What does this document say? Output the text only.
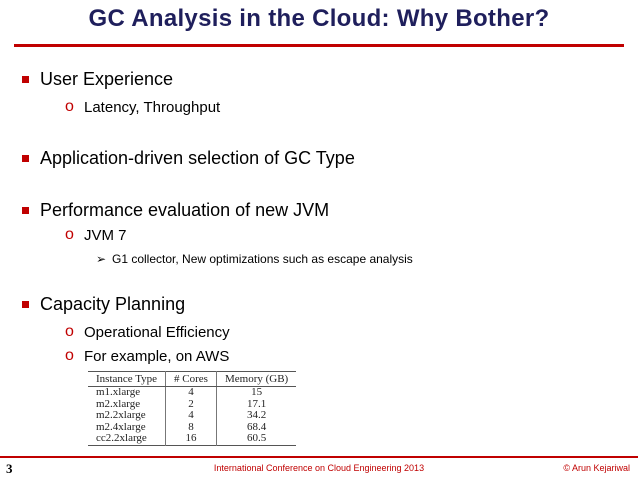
GC Analysis in the Cloud: Why Bother?
User Experience
o Latency, Throughput
Application-driven selection of GC Type
Performance evaluation of new JVM
o JVM 7
➢ G1 collector, New optimizations such as escape analysis
Capacity Planning
o Operational Efficiency
o For example, on AWS
Instance Type	# Cores	Memory (GB)
m1.xlarge	4	15
m2.xlarge	2	17.1
m2.2xlarge	4	34.2
m2.4xlarge	8	68.4
cc2.2xlarge	16	60.5
3	International Conference on Cloud Engineering 2013	© Arun Kejariwal
